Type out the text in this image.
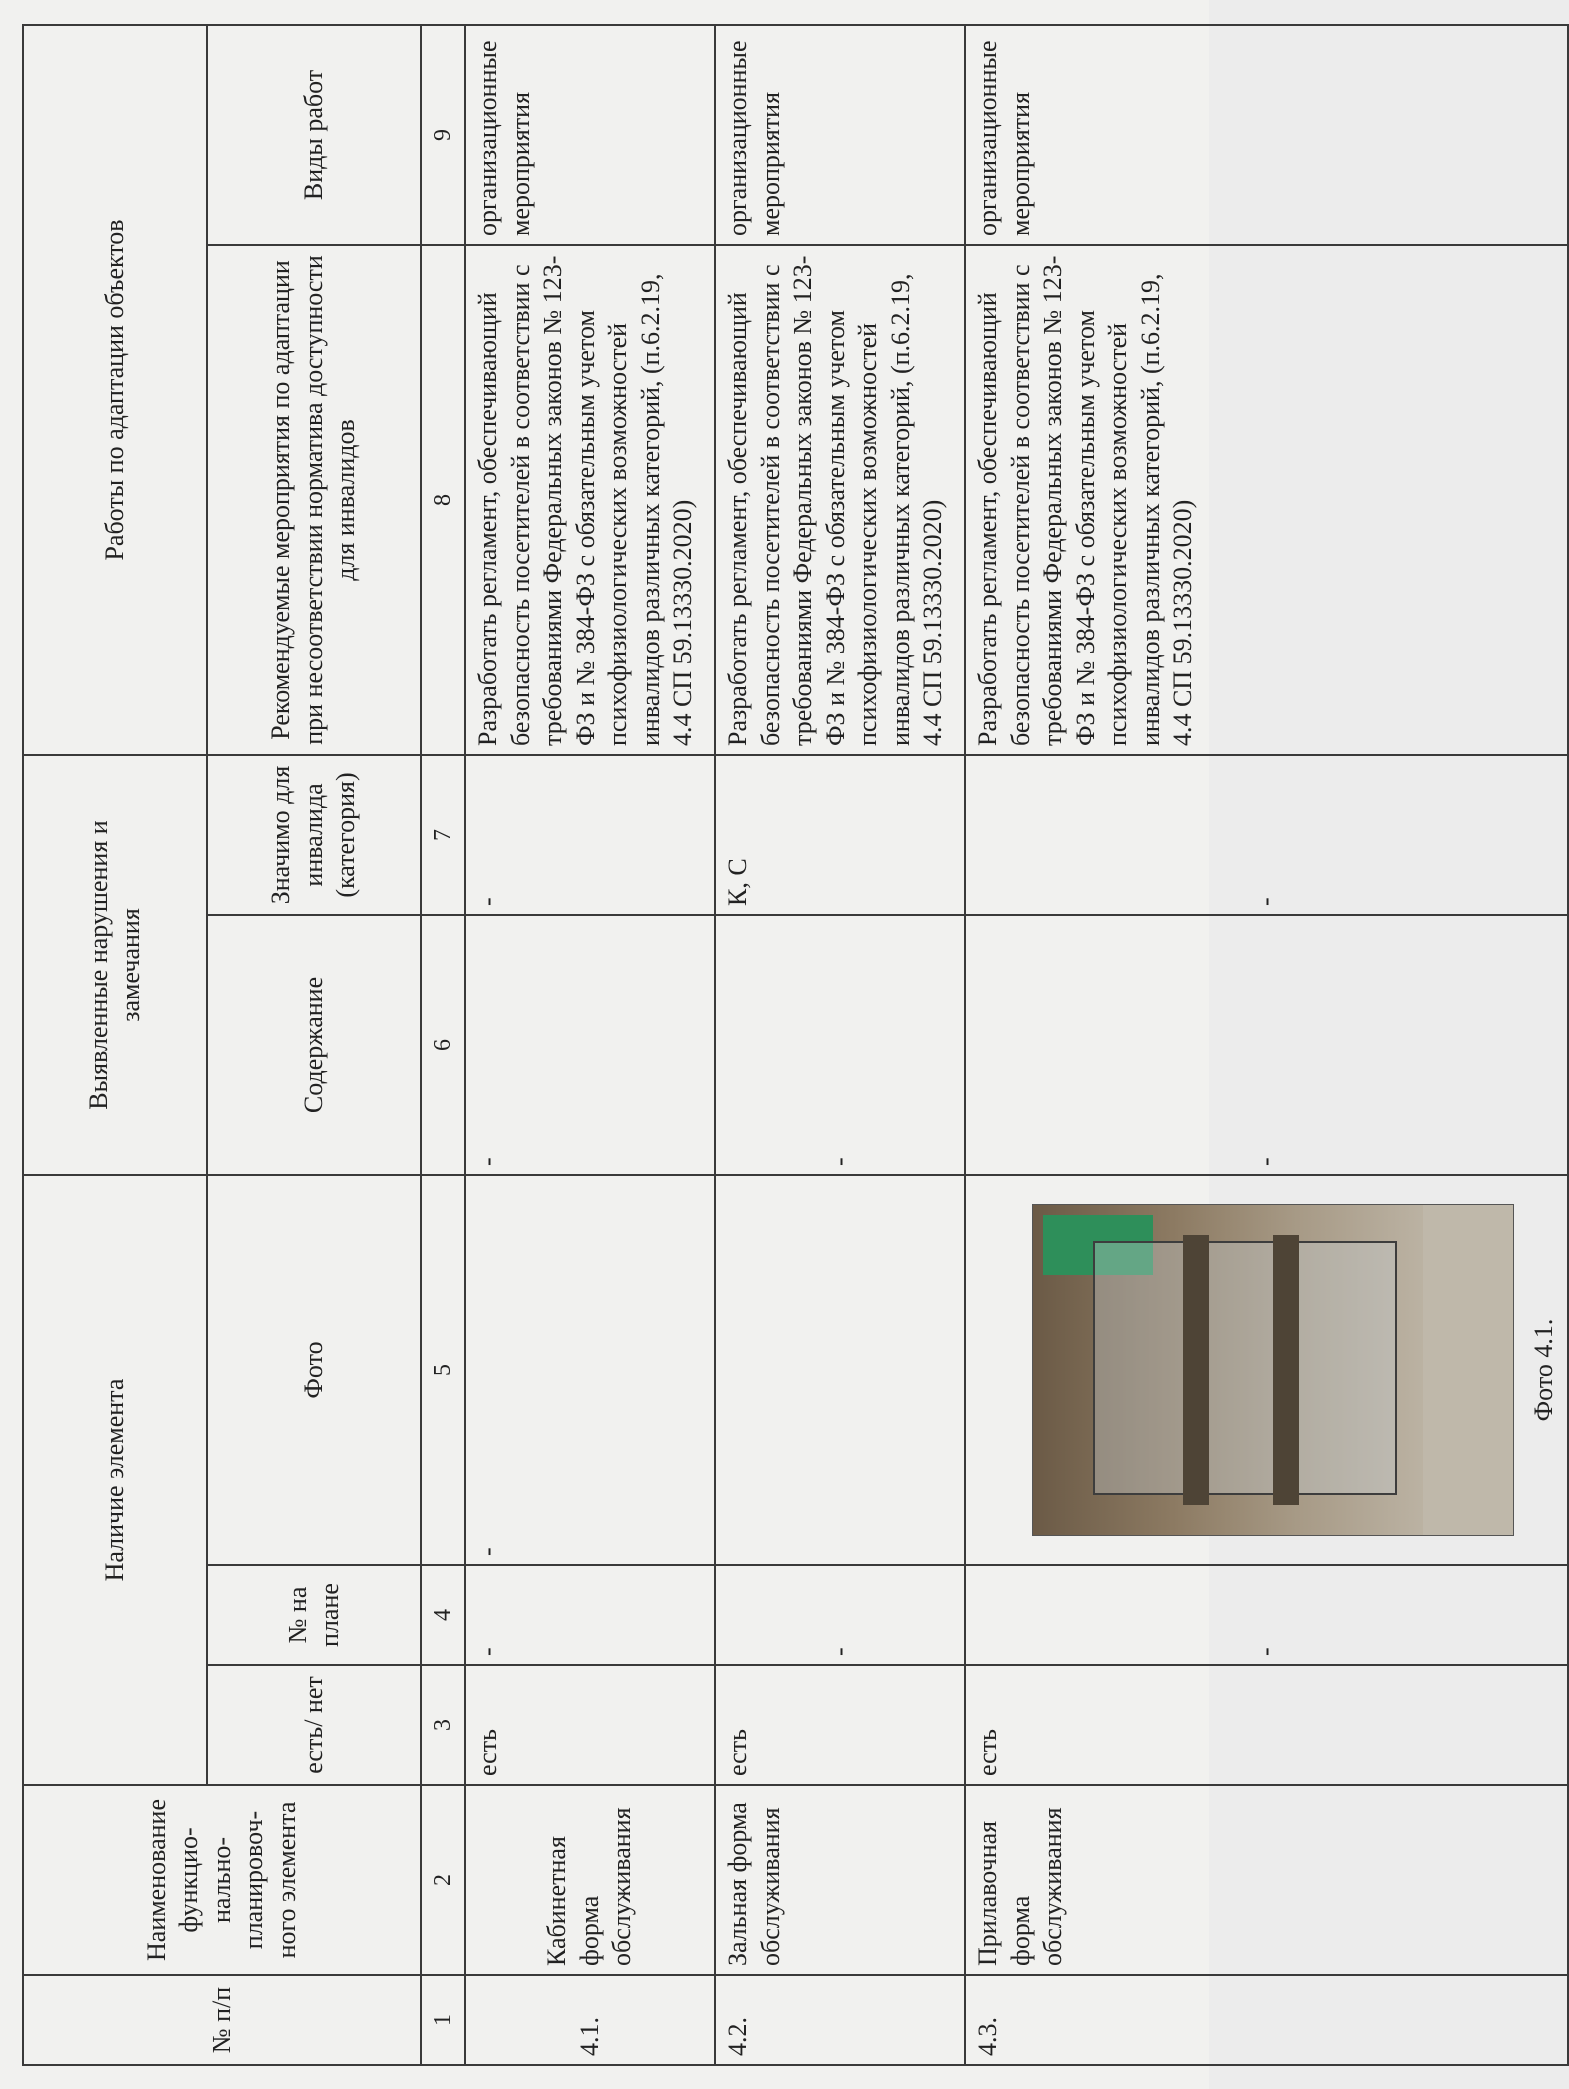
№ п/п	Наименование функцио-нально-планировоч-ного элемента	Наличие элемента			Выявленные нарушения и замечания		Работы по адаптации объектов	
		есть/ нет	№ на плане	Фото	Содержание	Значимо для инвалида (категория)	Рекомендуемые мероприятия по адаптации при несоответствии норматива доступности для инвалидов	Виды работ
1	2	3	4	5	6	7	8	9
4.1.	Кабинетная форма обслуживания	есть	-	-	-	-	Разработать регламент, обеспечивающий безопасность посетителей в соответствии с требованиями Федеральных законов № 123-ФЗ и № 384-ФЗ с обязательным учетом психофизиологических возможностей инвалидов различных категорий, (п.6.2.19, 4.4 СП 59.13330.2020)	организационные мероприятия
4.2.	Зальная форма обслуживания	есть	-		-	К, С	Разработать регламент, обеспечивающий безопасность посетителей в соответствии с требованиями Федеральных законов № 123-ФЗ и № 384-ФЗ с обязательным учетом психофизиологических возможностей инвалидов различных категорий, (п.6.2.19, 4.4 СП 59.13330.2020)	организационные мероприятия
4.3.	Прилавочная форма обслуживания	есть	-	Фото 4.1.	-	-	Разработать регламент, обеспечивающий безопасность посетителей в соответствии с требованиями Федеральных законов № 123-ФЗ и № 384-ФЗ с обязательным учетом психофизиологических возможностей инвалидов различных категорий, (п.6.2.19, 4.4 СП 59.13330.2020)	организационные мероприятия
